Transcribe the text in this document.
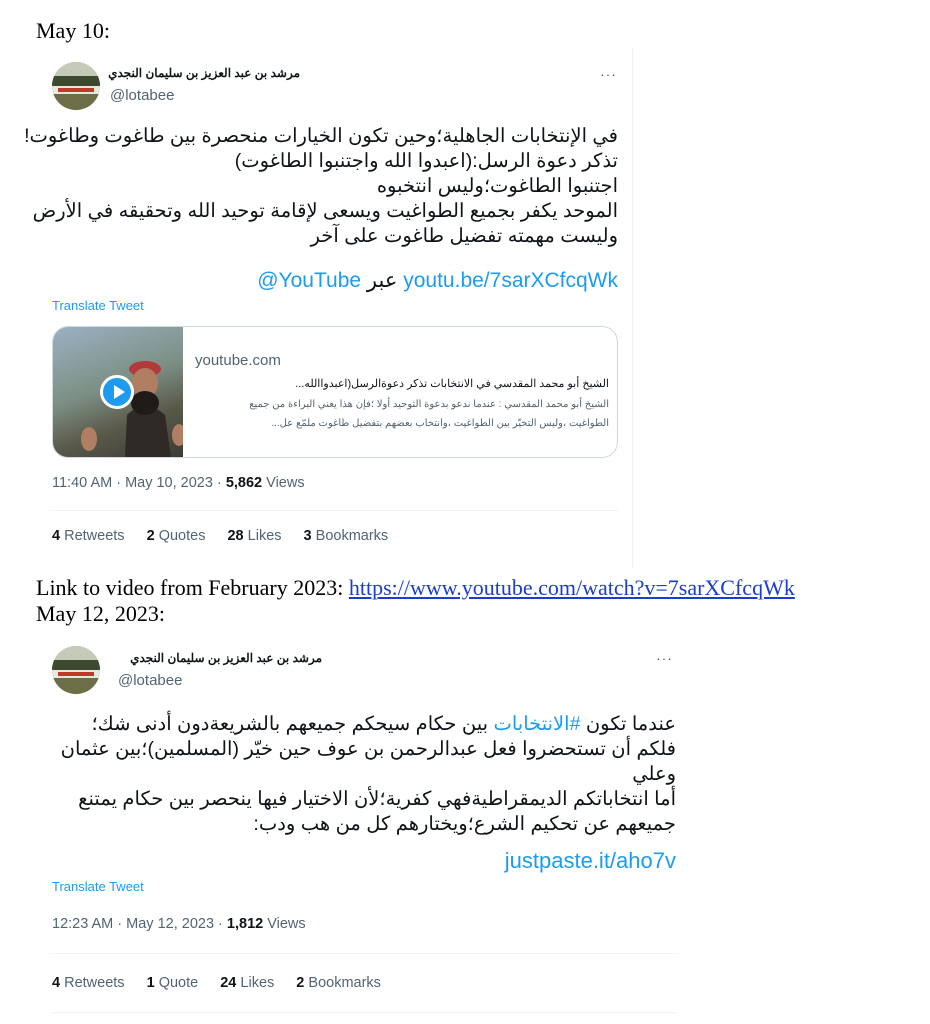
May 10:
مرشد بن عبد العزيز بن سليمان النجدي
@lotabee
···
في الإنتخابات الجاهلية؛وحين تكون الخيارات منحصرة بين طاغوت وطاغوت!
تذكر دعوة الرسل:(اعبدوا الله واجتنبوا الطاغوت)
اجتنبوا الطاغوت؛وليس انتخبوه
الموحد يكفر بجميع الطواغيت ويسعى لإقامة توحيد الله وتحقيقه في الأرض
وليست مهمته تفضيل طاغوت على آخر
@YouTube عبر youtu.be/7sarXCfcqWk
Translate Tweet
youtube.com
الشيخ أبو محمد المقدسي في الانتخابات تذكر دعوةالرسل(اعبدواالله...
الشيخ أبو محمد المقدسي : عندما ندعو بدعوة التوحيد أولا ؛فإن هذا يعني البراءة من جميع
الطواغيت ،وليس التخيّر بين الطواغيت ،وانتخاب بعضهم بتفضيل طاغوت ملمّع عل...
11:40 AM · May 10, 2023 · 5,862 Views
4 Retweets 2 Quotes 28 Likes 3 Bookmarks
Link to video from February 2023: https://www.youtube.com/watch?v=7sarXCfcqWk
May 12, 2023:
مرشد بن عبد العزيز بن سليمان النجدي
@lotabee
···
عندما تكون #الانتخابات بين حكام سيحكم جميعهم بالشريعةدون أدنى شك؛
فلكم أن تستحضروا فعل عبدالرحمن بن عوف حين خيّر (المسلمين)؛بين عثمان
وعلي
أما انتخاباتكم الديمقراطيةفهي كفرية؛لأن الاختيار فيها ينحصر بين حكام يمتنع
جميعهم عن تحكيم الشرع؛ويختارهم كل من هب ودب:
justpaste.it/aho7v
Translate Tweet
12:23 AM · May 12, 2023 · 1,812 Views
4 Retweets 1 Quote 24 Likes 2 Bookmarks
